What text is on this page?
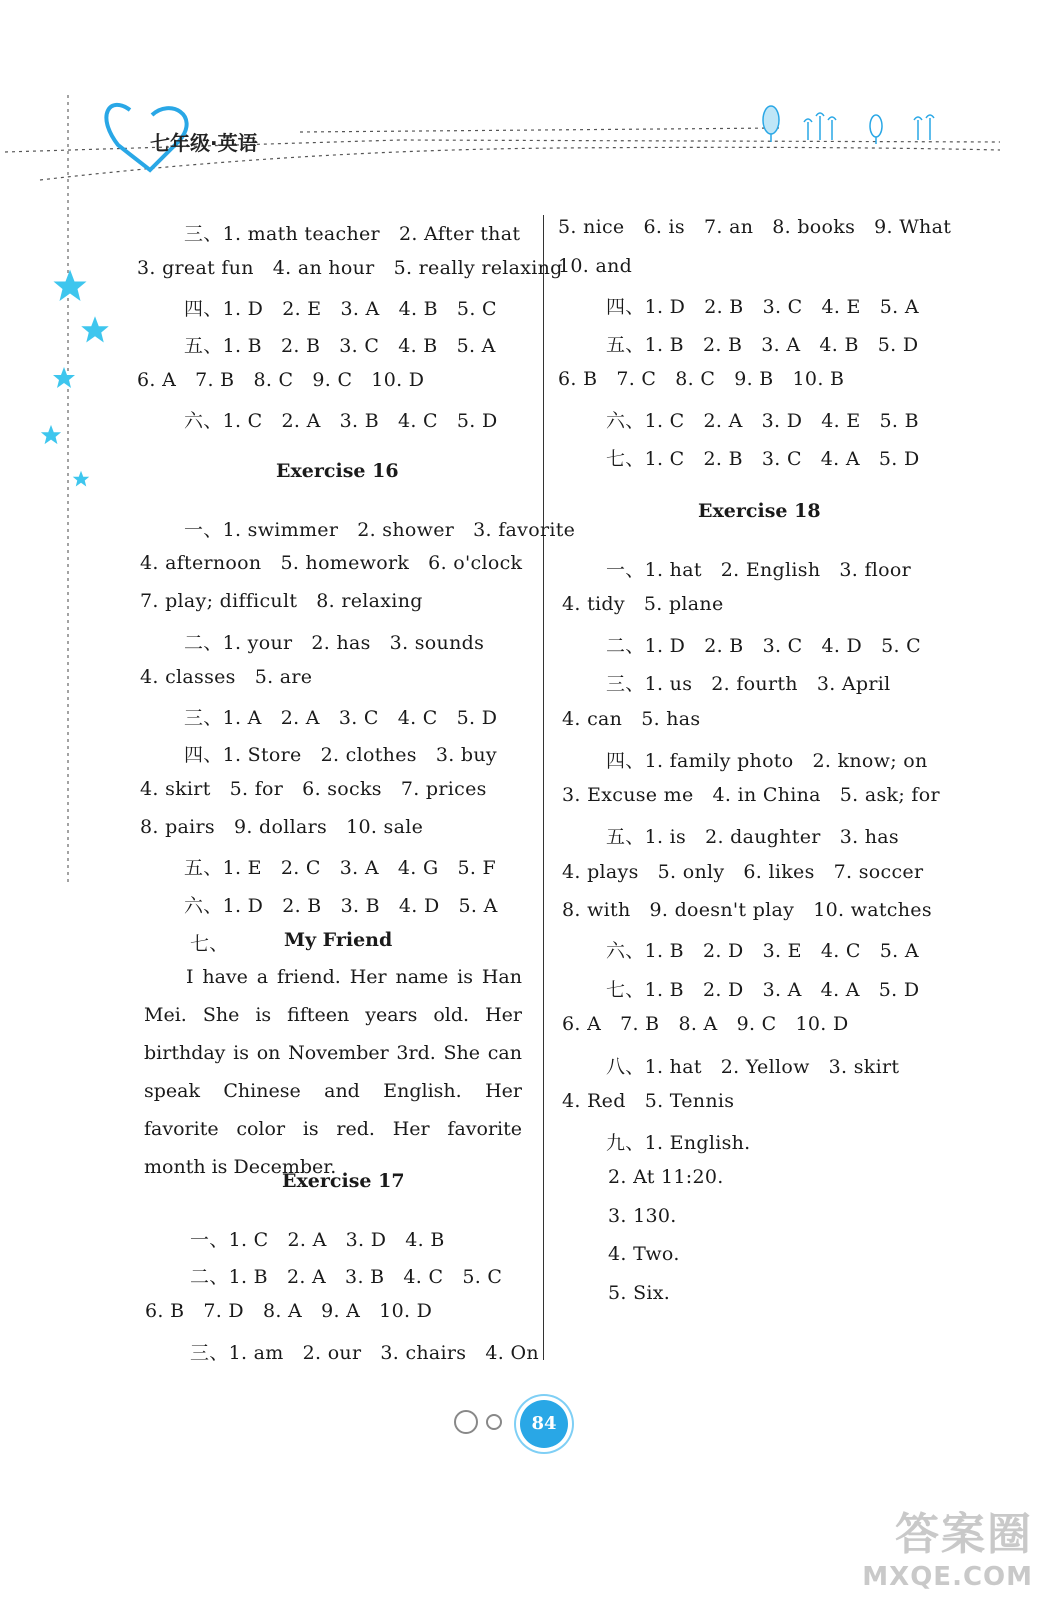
七年级·英语
三、1. math teacher   2. After that
3. great fun   4. an hour   5. really relaxing
四、1. D   2. E   3. A   4. B   5. C
五、1. B   2. B   3. C   4. B   5. A
6. A   7. B   8. C   9. C   10. D
六、1. C   2. A   3. B   4. C   5. D
Exercise 16
一、1. swimmer   2. shower   3. favorite
4. afternoon   5. homework   6. o'clock
7. play; difficult   8. relaxing
二、1. your   2. has   3. sounds
4. classes   5. are
三、1. A   2. A   3. C   4. C   5. D
四、1. Store   2. clothes   3. buy
4. skirt   5. for   6. socks   7. prices
8. pairs   9. dollars   10. sale
五、1. E   2. C   3. A   4. G   5. F
六、1. D   2. B   3. B   4. D   5. A
七、	My Friend
I have a friend. Her name is Han Mei. She is fifteen years old. Her birthday is on November 3rd. She can speak Chinese and English. Her favorite color is red. Her favorite month is December.
Exercise 17
一、1. C   2. A   3. D   4. B
二、1. B   2. A   3. B   4. C   5. C
6. B   7. D   8. A   9. A   10. D
三、1. am   2. our   3. chairs   4. On
5. nice   6. is   7. an   8. books   9. What
10. and
四、1. D   2. B   3. C   4. E   5. A
五、1. B   2. B   3. A   4. B   5. D
6. B   7. C   8. C   9. B   10. B
六、1. C   2. A   3. D   4. E   5. B
七、1. C   2. B   3. C   4. A   5. D
Exercise 18
一、1. hat   2. English   3. floor
4. tidy   5. plane
二、1. D   2. B   3. C   4. D   5. C
三、1. us   2. fourth   3. April
4. can   5. has
四、1. family photo   2. know; on
3. Excuse me   4. in China   5. ask; for
五、1. is   2. daughter   3. has
4. plays   5. only   6. likes   7. soccer
8. with   9. doesn't play   10. watches
六、1. B   2. D   3. E   4. C   5. A
七、1. B   2. D   3. A   4. A   5. D
6. A   7. B   8. A   9. C   10. D
八、1. hat   2. Yellow   3. skirt
4. Red   5. Tennis
九、1. English.
2. At 11:20.
3. 130.
4. Two.
5. Six.
84
答案圈
MXQE.COM
